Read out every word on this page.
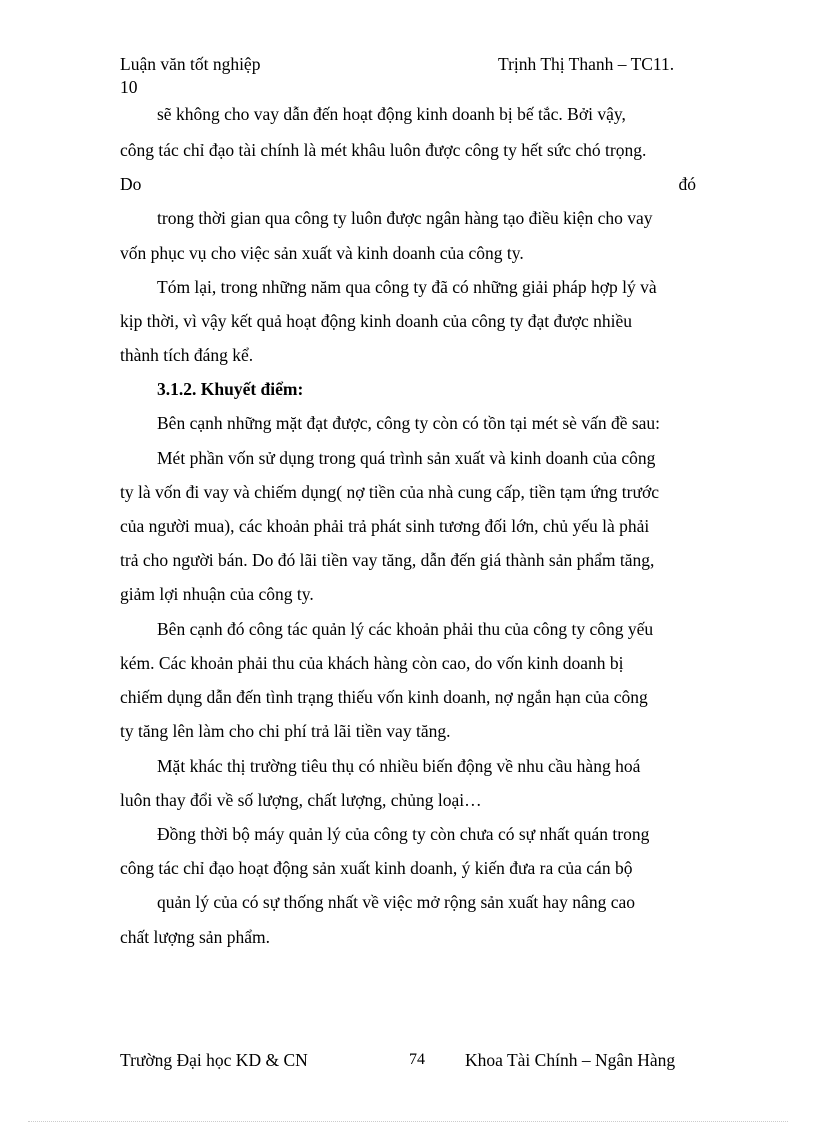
Luận văn tốt nghiệp	Trịnh Thị Thanh – TC11.
10
sẽ không cho vay dẫn đến hoạt động kinh doanh bị bế tắc. Bởi vậy,
công tác chỉ đạo tài chính là mét khâu luôn được công ty hết sức chó trọng.
Do	đó
trong thời gian qua công ty luôn được ngân hàng tạo điều kiện cho vay
vốn phục vụ cho việc sản xuất và kinh doanh của công ty.
Tóm lại, trong những năm qua công ty đã có những giải pháp hợp lý và
kịp thời, vì vậy kết quả hoạt động kinh doanh của công ty đạt được nhiều
thành tích đáng kể.
3.1.2. Khuyết điểm:
Bên cạnh những mặt đạt được, công ty còn có tồn tại mét sè vấn đề sau:
Mét phần vốn sử dụng trong quá trình sản xuất và kinh doanh của công
ty là vốn đi vay và chiếm dụng( nợ tiền của nhà cung cấp, tiền tạm ứng trước
của người mua), các khoản phải trả phát sinh tương đối lớn, chủ yếu là phải
trả cho người bán. Do đó lãi tiền vay tăng, dẫn đến giá thành sản phẩm tăng,
giảm lợi nhuận của công ty.
Bên cạnh đó công tác quản lý các khoản phải thu của công ty công yếu
kém. Các khoản phải thu của khách hàng còn cao, do vốn kinh doanh bị
chiếm dụng dẫn đến tình trạng thiếu vốn kinh doanh, nợ ngắn hạn của công
ty tăng lên làm cho chi phí trả lãi tiền vay tăng.
Mặt khác thị trường tiêu thụ có nhiều biến động về nhu cầu hàng hoá
luôn thay đổi về số lượng, chất lượng, chủng loại…
Đồng thời bộ máy quản lý của công ty còn chưa có sự nhất quán trong
công tác chỉ đạo hoạt động sản xuất kinh doanh, ý kiến đưa ra của cán bộ
quản lý của có sự thống nhất về việc mở rộng sản xuất hay nâng cao
chất lượng sản phẩm.
Trường Đại học KD & CN	74 Khoa Tài Chính – Ngân Hàng
